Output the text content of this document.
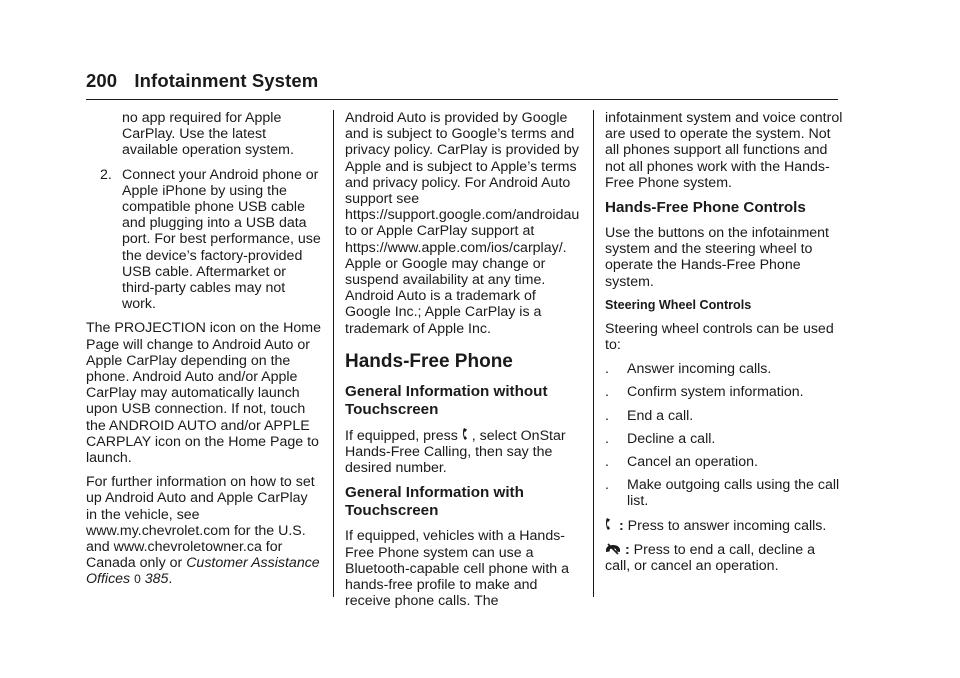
200 Infotainment System

no app required for Apple CarPlay. Use the latest available operation system.

2. Connect your Android phone or Apple iPhone by using the compatible phone USB cable and plugging into a USB data port. For best performance, use the device’s factory-provided USB cable. Aftermarket or third-party cables may not work.

The PROJECTION icon on the Home Page will change to Android Auto or Apple CarPlay depending on the phone. Android Auto and/or Apple CarPlay may automatically launch upon USB connection. If not, touch the ANDROID AUTO and/or APPLE CARPLAY icon on the Home Page to launch.

For further information on how to set up Android Auto and Apple CarPlay in the vehicle, see www.my.chevrolet.com for the U.S. and www.chevroletowner.ca for Canada only or Customer Assistance Offices 0 385.

Android Auto is provided by Google and is subject to Google’s terms and privacy policy. CarPlay is provided by Apple and is subject to Apple’s terms and privacy policy. For Android Auto support see https://support.google.com/androidauto or Apple CarPlay support at https://www.apple.com/ios/carplay/. Apple or Google may change or suspend availability at any time. Android Auto is a trademark of Google Inc.; Apple CarPlay is a trademark of Apple Inc.

Hands-Free Phone
General Information without Touchscreen

If equipped, press , select OnStar Hands-Free Calling, then say the desired number.

General Information with Touchscreen

If equipped, vehicles with a Hands-Free Phone system can use a Bluetooth-capable cell phone with a hands-free profile to make and receive phone calls. The

infotainment system and voice control are used to operate the system. Not all phones support all functions and not all phones work with the Hands-Free Phone system.

Hands-Free Phone Controls

Use the buttons on the infotainment system and the steering wheel to operate the Hands-Free Phone system.

Steering Wheel Controls

Steering wheel controls can be used to:

. Answer incoming calls.
. Confirm system information.
. End a call.
. Decline a call.
. Cancel an operation.
. Make outgoing calls using the call list.

: Press to answer incoming calls.

: Press to end a call, decline a call, or cancel an operation.
